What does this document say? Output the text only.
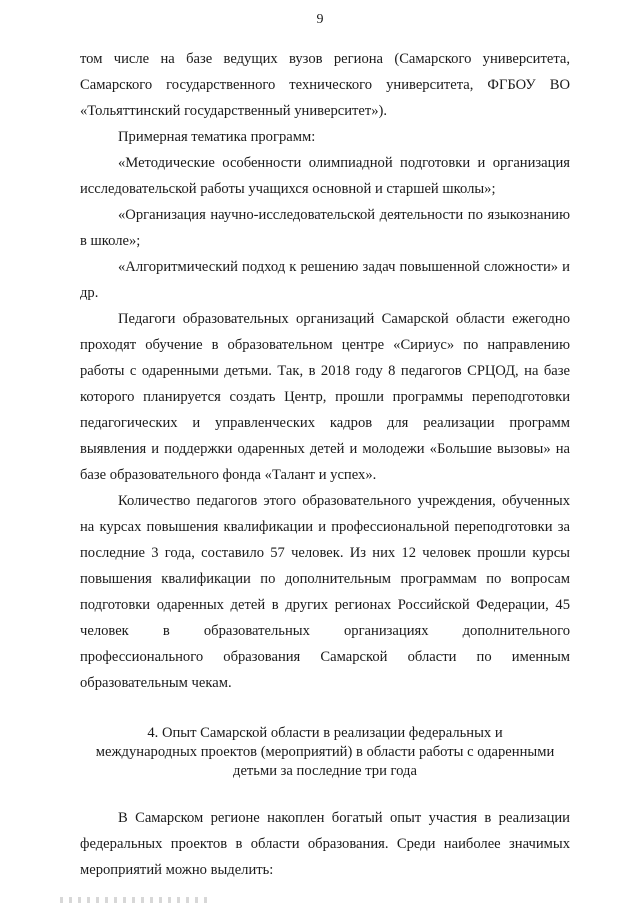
9

том числе на базе ведущих вузов региона (Самарского университета, Самарского государственного технического университета, ФГБОУ ВО «Тольяттинский государственный университет»).

Примерная тематика программ:

«Методические особенности олимпиадной подготовки и организация исследовательской работы учащихся основной и старшей школы»;

«Организация научно-исследовательской деятельности по языкознанию в школе»;

«Алгоритмический подход к решению задач повышенной сложности» и др.

Педагоги образовательных организаций Самарской области ежегодно проходят обучение в образовательном центре «Сириус» по направлению работы с одаренными детьми. Так, в 2018 году 8 педагогов СРЦОД, на базе которого планируется создать Центр, прошли программы переподготовки педагогических и управленческих кадров для реализации программ выявления и поддержки одаренных детей и молодежи «Большие вызовы» на базе образовательного фонда «Талант и успех».

Количество педагогов этого образовательного учреждения, обученных на курсах повышения квалификации и профессиональной переподготовки за последние 3 года, составило 57 человек. Из них 12 человек прошли курсы повышения квалификации по дополнительным программам по вопросам подготовки одаренных детей в других регионах Российской Федерации, 45 человек в образовательных организациях дополнительного профессионального образования Самарской области по именным образовательным чекам.

4. Опыт Самарской области в реализации федеральных и
международных проектов (мероприятий) в области работы с одаренными
детьми за последние три года

В Самарском регионе накоплен богатый опыт участия в реализации федеральных проектов в области образования. Среди наиболее значимых мероприятий можно выделить:
